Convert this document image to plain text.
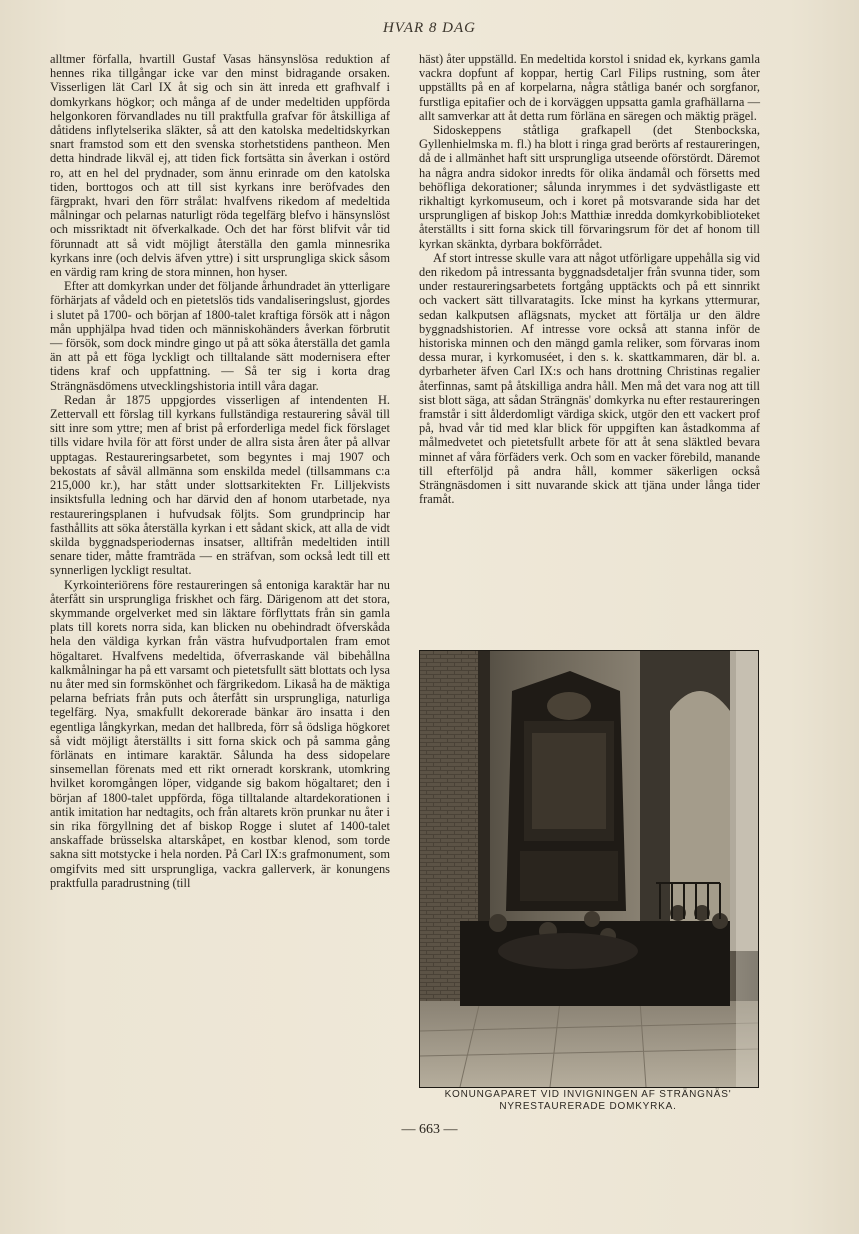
HVAR 8 DAG

alltmer förfalla, hvartill Gustaf Vasas hänsynslösa reduktion af hennes rika tillgångar icke var den minst bidragande orsaken. Visserligen lät Carl IX åt sig och sin ätt inreda ett grafhvalf i domkyrkans högkor; och många af de under medeltiden uppförda helgonkoren förvandlades nu till praktfulla grafvar för åtskilliga af dåtidens inflytelserika släkter, så att den katolska medeltidskyrkan snart framstod som ett den svenska storhetstidens pantheon. Men detta hindrade likväl ej, att tiden fick fortsätta sin åverkan i ostörd ro, att en hel del prydnader, som ännu erinrade om den katolska tiden, borttogos och att till sist kyrkans inre beröfvades den färgprakt, hvari den förr strålat: hvalfvens rikedom af medeltida målningar och pelarnas naturligt röda tegelfärg blefvo i hänsynslöst och missriktadt nit öfverkalkade. Och det har först blifvit vår tid förunnadt att så vidt möjligt återställa den gamla minnesrika kyrkans inre (och delvis äfven yttre) i sitt ursprungliga skick såsom en värdig ram kring de stora minnen, hon hyser.

Efter att domkyrkan under det följande århundradet än ytterligare förhärjats af vådeld och en pietetslös tids vandaliseringslust, gjordes i slutet på 1700- och början af 1800-talet kraftiga försök att i någon mån upphjälpa hvad tiden och människohänders åverkan förbrutit — försök, som dock mindre gingo ut på att söka återställa det gamla än att på ett föga lyckligt och tilltalande sätt modernisera efter tidens kraf och uppfattning. — Så ter sig i korta drag Strängnäsdömens utvecklingshistoria intill våra dagar.

Redan år 1875 uppgjordes visserligen af intendenten H. Zettervall ett förslag till kyrkans fullständiga restaurering såväl till sitt inre som yttre; men af brist på erforderliga medel fick förslaget tills vidare hvila för att först under de allra sista åren åter på allvar upptagas. Restaureringsarbetet, som begyntes i maj 1907 och bekostats af såväl allmänna som enskilda medel (tillsammans c:a 215,000 kr.), har stått under slottsarkitekten Fr. Lilljekvists insiktsfulla ledning och har därvid den af honom utarbetade, nya restaureringsplanen i hufvudsak följts. Som grundprincip har fasthållits att söka återställa kyrkan i ett sådant skick, att alla de vidt skilda byggnadsperiodernas insatser, alltifrån medeltiden intill senare tider, måtte framträda — en sträfvan, som också ledt till ett synnerligen lyckligt resultat.

Kyrkointeriörens före restaureringen så entoniga karaktär har nu återfått sin ursprungliga friskhet och färg. Därigenom att det stora, skymmande orgelverket med sin läktare förflyttats från sin gamla plats till korets norra sida, kan blicken nu obehindradt öfverskåda hela den väldiga kyrkan från västra hufvudportalen fram emot högaltaret. Hvalfvens medeltida, öfverraskande väl bibehållna kalkmålningar ha på ett varsamt och pietetsfullt sätt blottats och lysa nu åter med sin formskönhet och färgrikedom. Likaså ha de mäktiga pelarna befriats från puts och återfått sin ursprungliga, naturliga tegelfärg. Nya, smakfullt dekorerade bänkar äro insatta i den egentliga långkyrkan, medan det hallbreda, förr så ödsliga högkoret så vidt möjligt återställts i sitt forna skick och på samma gång förlänats en intimare karaktär. Sålunda ha dess sidopelare sinsemellan förenats med ett rikt orneradt korskrank, utomkring hvilket koromgången löper, vidgande sig bakom högaltaret; den i början af 1800-talet uppförda, föga tilltalande altardekorationen i antik imitation har nedtagits, och från altarets krön prunkar nu åter i sin rika förgyllning det af biskop Rogge i slutet af 1400-talet anskaffade brüsselska altarskåpet, en kostbar klenod, som torde sakna sitt motstycke i hela norden. På Carl IX:s grafmonument, som omgifvits med sitt ursprungliga, vackra gallerverk, är konungens praktfulla paradrustning (till

häst) åter uppställd. En medeltida korstol i snidad ek, kyrkans gamla vackra dopfunt af koppar, hertig Carl Filips rustning, som åter uppställts på en af korpelarna, några ståtliga banér och sorgfanor, furstliga epitafier och de i korväggen uppsatta gamla grafhällarna — allt samverkar att åt detta rum förläna en säregen och mäktig prägel.

Sidoskeppens ståtliga grafkapell (det Stenbockska, Gyllenhielmska m. fl.) ha blott i ringa grad berörts af restaureringen, då de i allmänhet haft sitt ursprungliga utseende oförstördt. Däremot ha några andra sidokor inredts för olika ändamål och försetts med behöfliga dekorationer; sålunda inrymmes i det sydvästligaste ett rikhaltigt kyrkomuseum, och i koret på motsvarande sida har det ursprungligen af biskop Joh:s Matthiæ inredda domkyrkobiblioteket återställts i sitt forna skick till förvaringsrum för det af honom till kyrkan skänkta, dyrbara bokförrådet.

Af stort intresse skulle vara att något utförligare uppehålla sig vid den rikedom på intressanta byggnadsdetaljer från svunna tider, som under restaureringsarbetets fortgång upptäckts och på ett sinnrikt och vackert sätt tillvaratagits. Icke minst ha kyrkans yttermurar, sedan kalkputsen aflägsnats, mycket att förtälja ur den äldre byggnadshistorien. Af intresse vore också att stanna inför de historiska minnen och den mängd gamla reliker, som förvaras inom dessa murar, i kyrkomuséet, i den s. k. skattkammaren, där bl. a. dyrbarheter äfven Carl IX:s och hans drottning Christinas regalier återfinnas, samt på åtskilliga andra håll. Men må det vara nog att till sist blott säga, att sådan Strängnäs' domkyrka nu efter restaureringen framstår i sitt ålderdomligt värdiga skick, utgör den ett vackert prof på, hvad vår tid med klar blick för uppgiften kan åstadkomma af målmedvetet och pietetsfullt arbete för att åt sena släktled bevara minnet af våra förfäders verk. Och som en vacker förebild, manande till efterföljd på andra håll, kommer säkerligen också Strängnäsdomen i sitt nuvarande skick att tjäna under långa tider framåt.

KONUNGAPARET VID INVIGNINGEN AF STRÄNGNÄS' NYRESTAURERADE DOMKYRKA.
— 663 —
